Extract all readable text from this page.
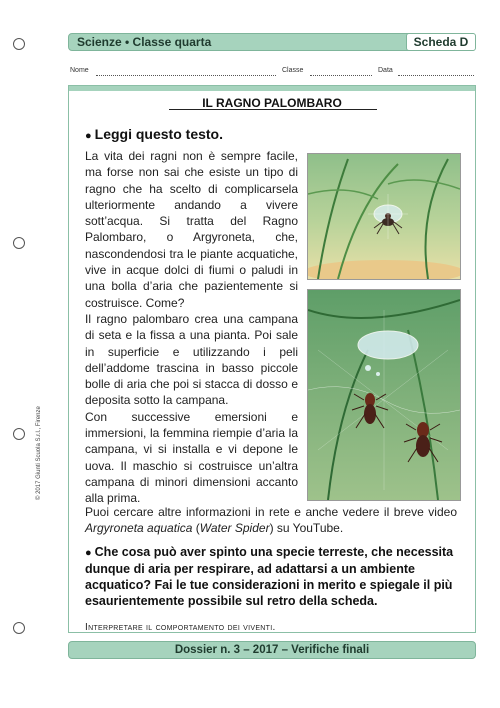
Scienze • Classe quarta	Scheda D
Nome	Classe	Data
IL RAGNO PALOMBARO
● Leggi questo testo.

La vita dei ragni non è sempre facile, ma forse non sai che esiste un tipo di ragno che ha scelto di complicarsela ulteriormente andando a vivere sott’acqua. Si tratta del Ragno Palombaro, o Argyroneta, che, nascondendosi tra le piante acquatiche, vive in acque dolci di fiumi o paludi in una bolla d’aria che pazientemente si costruisce. Come?

Il ragno palombaro crea una campana di seta e la fissa a una pianta. Poi sale in superficie e utilizzando i peli dell’addome trascina in basso piccole bolle di aria che poi si stacca di dosso e deposita sotto la campana.

Con successive emersioni e immersioni, la femmina riempie d’aria la campana, vi si installa e vi depone le uova. Il maschio si costruisce un’altra campana di minori dimensioni accanto alla prima.

Puoi cercare altre informazioni in rete e anche vedere il breve video Argyroneta aquatica (Water Spider) su YouTube.

● Che cosa può aver spinto una specie terreste, che necessita dunque di aria per respirare, ad adattarsi a un ambiente acquatico? Fai le tue considerazioni in merito e spiegale il più esaurientemente possibile sul retro della scheda.
Interpretare il comportamento dei viventi.
© 2017 Giunti Scuola S.r.l., Firenze
Dossier n. 3 – 2017 – Verifiche finali
